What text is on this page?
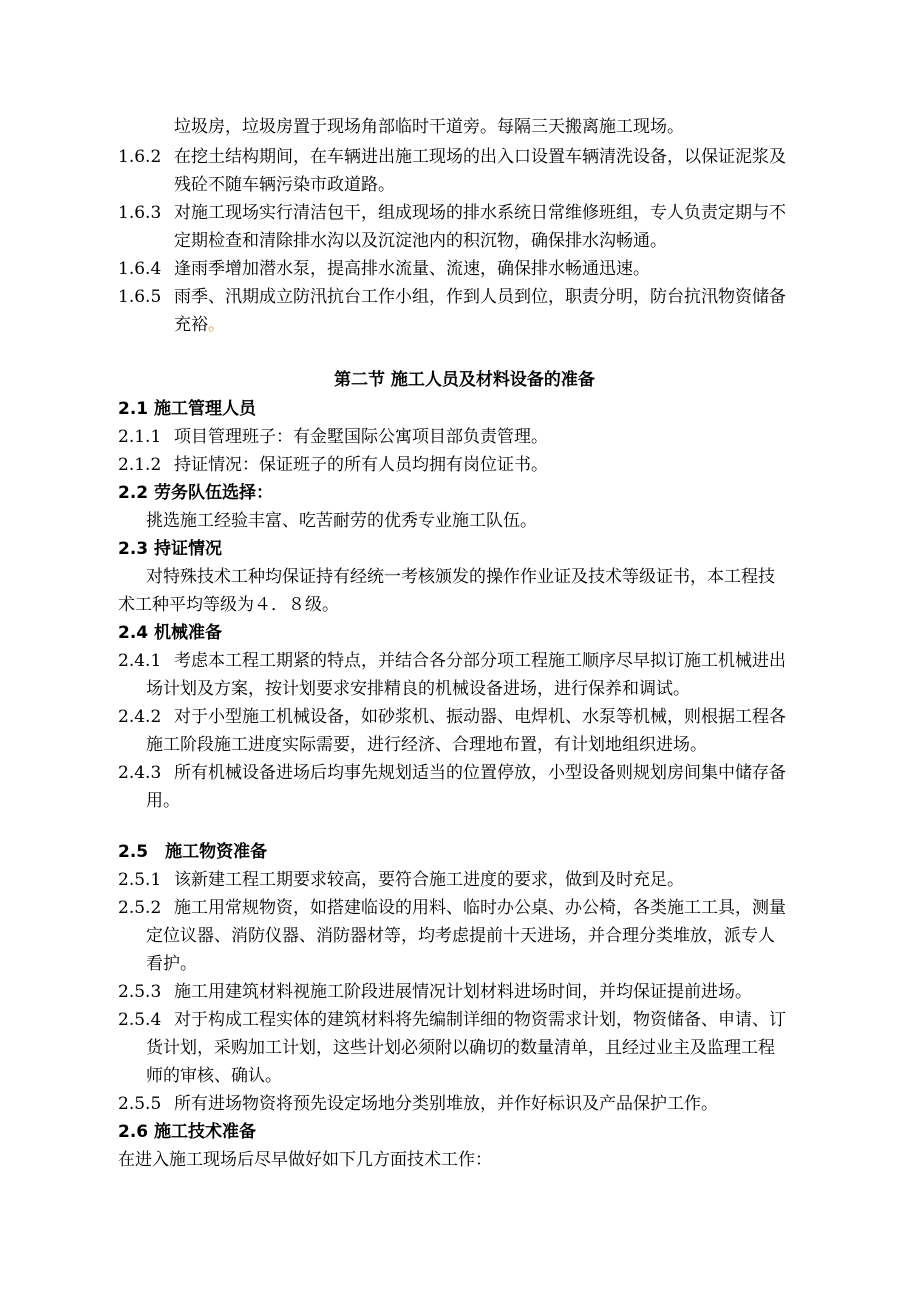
垃圾房，垃圾房置于现场角部临时干道旁。每隔三天搬离施工现场。
1.6.2 在挖土结构期间，在车辆进出施工现场的出入口设置车辆清洗设备，以保证泥浆及
残砼不随车辆污染市政道路。
1.6.3 对施工现场实行清洁包干，组成现场的排水系统日常维修班组，专人负责定期与不
定期检查和清除排水沟以及沉淀池内的积沉物，确保排水沟畅通。
1.6.4 逢雨季增加潜水泵，提高排水流量、流速，确保排水畅通迅速。
1.6.5 雨季、汛期成立防汛抗台工作小组，作到人员到位，职责分明，防台抗汛物资储备
充裕。
第二节 施工人员及材料设备的准备
2.1 施工管理人员
2.1.1 项目管理班子：有金墅国际公寓项目部负责管理。
2.1.2 持证情况：保证班子的所有人员均拥有岗位证书。
2.2 劳务队伍选择：
挑选施工经验丰富、吃苦耐劳的优秀专业施工队伍。
2.3 持证情况
对特殊技术工种均保证持有经统一考核颁发的操作作业证及技术等级证书，本工程技
术工种平均等级为４．８级。
2.4 机械准备
2.4.1 考虑本工程工期紧的特点，并结合各分部分项工程施工顺序尽早拟订施工机械进出
场计划及方案，按计划要求安排精良的机械设备进场，进行保养和调试。
2.4.2 对于小型施工机械设备，如砂浆机、振动器、电焊机、水泵等机械，则根据工程各
施工阶段施工进度实际需要，进行经济、合理地布置，有计划地组织进场。
2.4.3 所有机械设备进场后均事先规划适当的位置停放，小型设备则规划房间集中储存备
用。
2.5　施工物资准备
2.5.1 该新建工程工期要求较高，要符合施工进度的要求，做到及时充足。
2.5.2 施工用常规物资，如搭建临设的用料、临时办公桌、办公椅，各类施工工具，测量
定位议器、消防仪器、消防器材等，均考虑提前十天进场，并合理分类堆放，派专人
看护。
2.5.3 施工用建筑材料视施工阶段进展情况计划材料进场时间，并均保证提前进场。
2.5.4 对于构成工程实体的建筑材料将先编制详细的物资需求计划，物资储备、申请、订
货计划，采购加工计划，这些计划必须附以确切的数量清单，且经过业主及监理工程
师的审核、确认。
2.5.5 所有进场物资将预先设定场地分类别堆放，并作好标识及产品保护工作。
2.6 施工技术准备
在进入施工现场后尽早做好如下几方面技术工作：
